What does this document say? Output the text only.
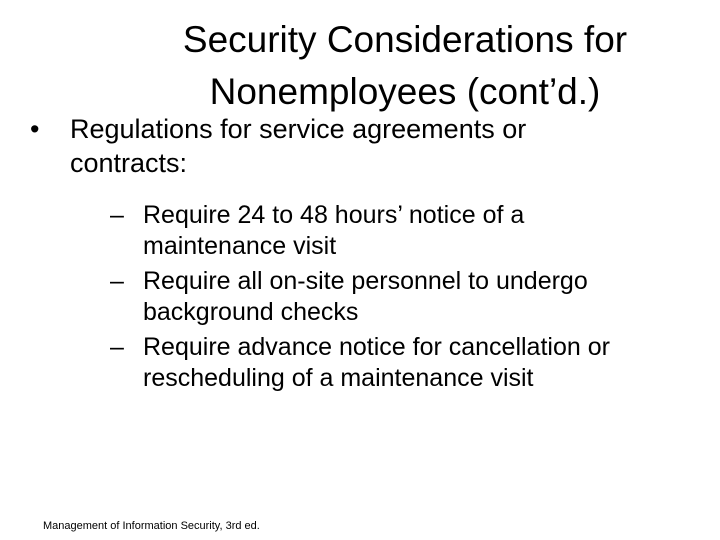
Security Considerations for
Nonemployees (cont’d.)
•	Regulations for service agreements or
contracts:
– Require 24 to 48 hours’ notice of a
maintenance visit
– Require all on-site personnel to undergo
background checks
– Require advance notice for cancellation or
rescheduling of a maintenance visit
Management of Information Security, 3rd ed.
